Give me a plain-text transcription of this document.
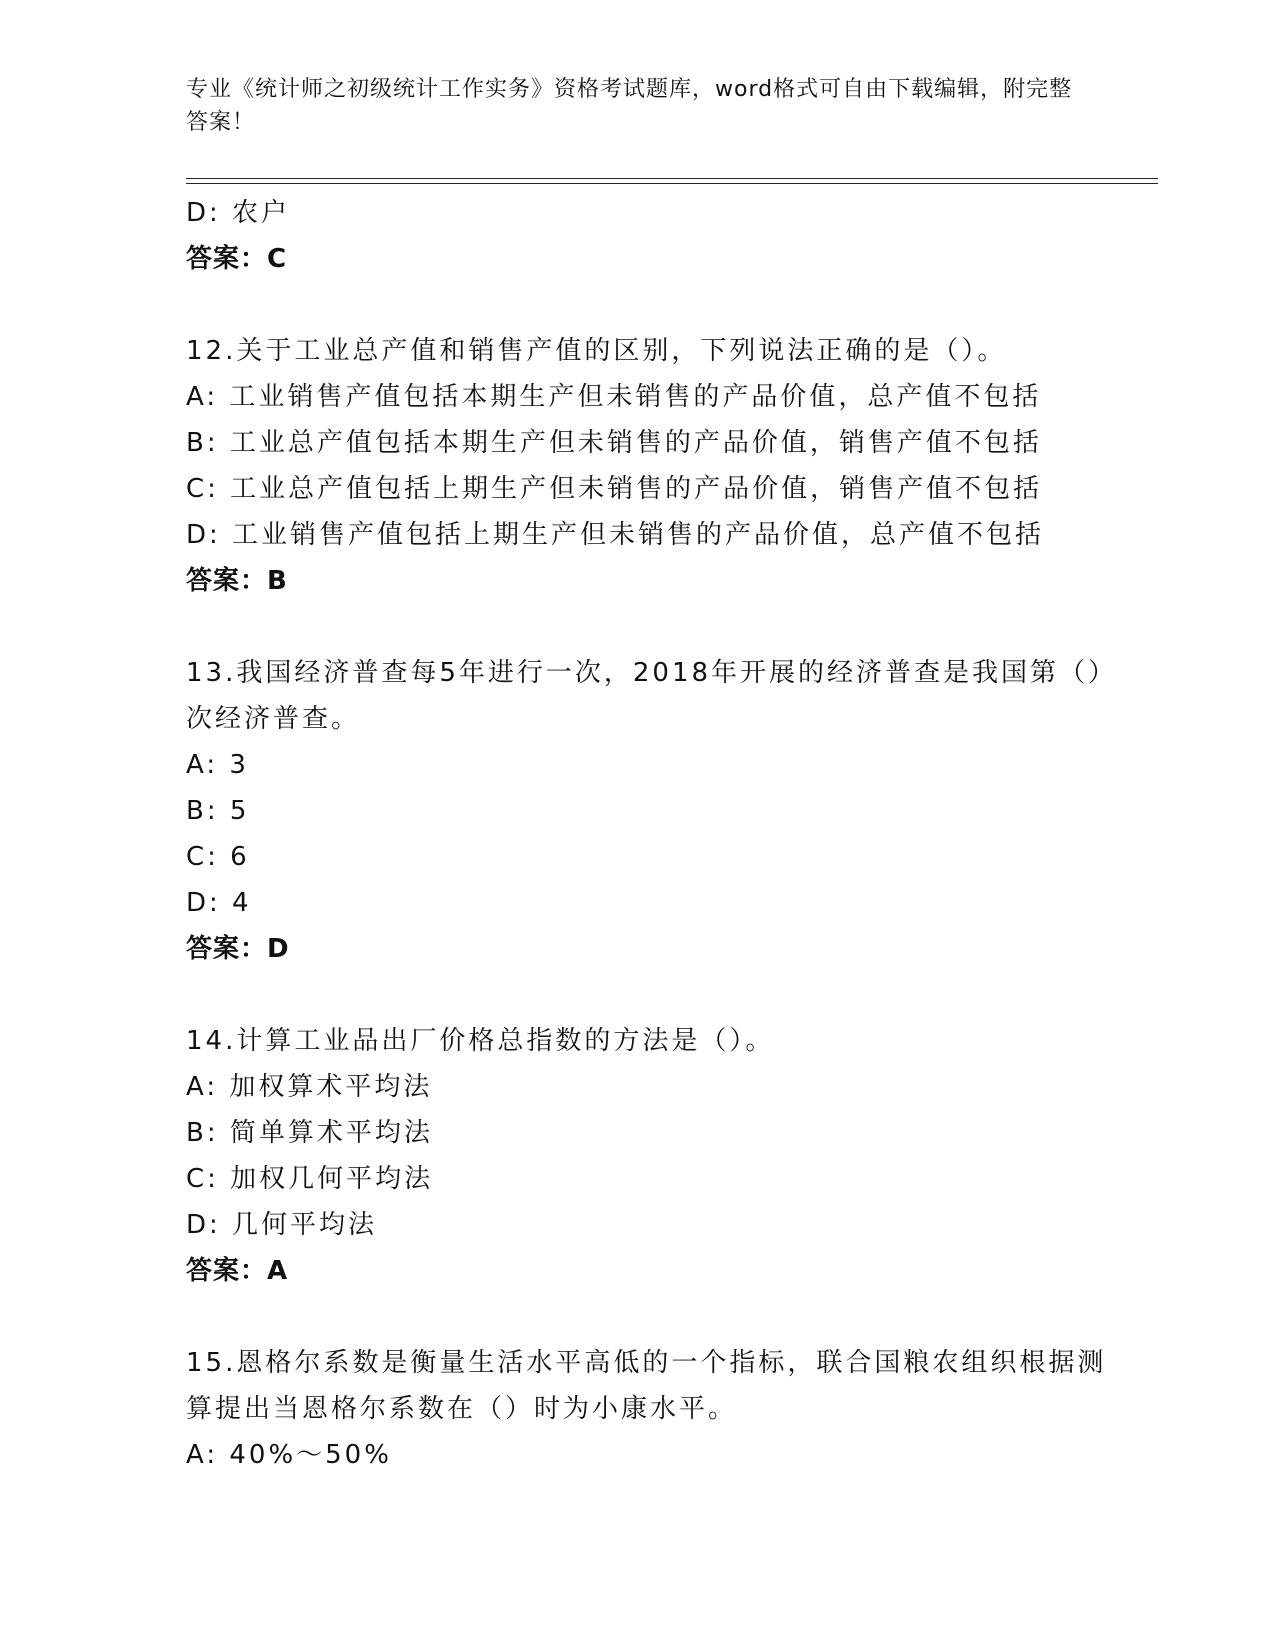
专业《统计师之初级统计工作实务》资格考试题库，word格式可自由下载编辑，附完整答案！
D: 农户
答案：C
12.关于工业总产值和销售产值的区别，下列说法正确的是（）。
A: 工业销售产值包括本期生产但未销售的产品价值，总产值不包括
B: 工业总产值包括本期生产但未销售的产品价值，销售产值不包括
C: 工业总产值包括上期生产但未销售的产品价值，销售产值不包括
D: 工业销售产值包括上期生产但未销售的产品价值，总产值不包括
答案：B
13.我国经济普查每5年进行一次，2018年开展的经济普查是我国第（）次经济普查。
A: 3
B: 5
C: 6
D: 4
答案：D
14.计算工业品出厂价格总指数的方法是（）。
A: 加权算术平均法
B: 简单算术平均法
C: 加权几何平均法
D: 几何平均法
答案：A
15.恩格尔系数是衡量生活水平高低的一个指标，联合国粮农组织根据测算提出当恩格尔系数在（）时为小康水平。
A: 40%～50%
